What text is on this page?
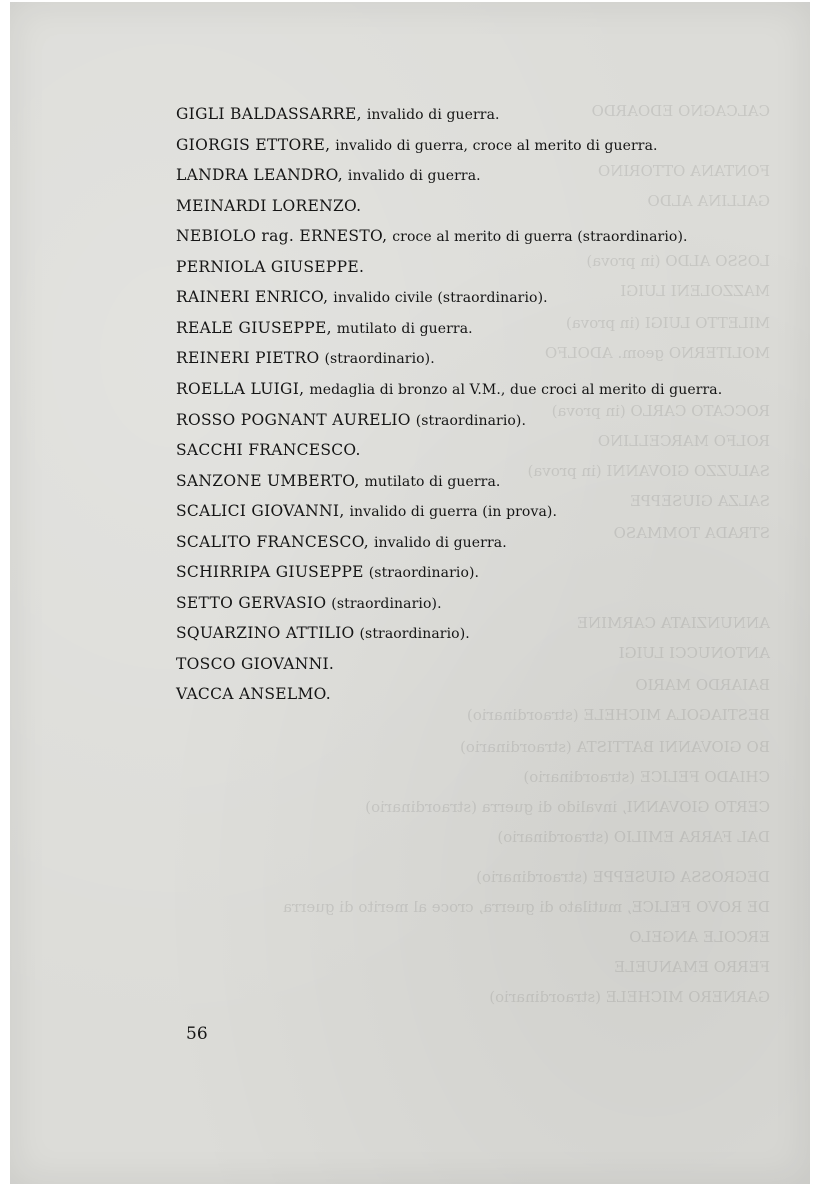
CALCAGNO EDOARDO
FONTANA OTTORINO
GALLINA ALDO
LOSSO ALDO (in prova)
MAZZOLENI LUIGI
MILETTO LUIGI (in prova)
MOLITERNO geom. ADOLFO
ROCCATO CARLO (in prova)
ROLFO MARCELLINO
SALUZZO GIOVANNI (in prova)
SALZA GIUSEPPE
STRADA TOMMASO
ANNUNZIATA CARMINE
ANTONUCCI LUIGI
BAIARDO MARIO
BESTIAGOLA MICHELE (straordinario)
BO GIOVANNI BATTISTA (straordinario)
CHIADO FELICE (straordinario)
CERTO GIOVANNI, invalido di guerra (straordinario)
DAL FARRA EMILIO (straordinario)
DEGROSSA GIUSEPPE (straordinario)
DE ROVO FELICE, mutilato di guerra, croce al merito di guerra
ERCOLE ANGELO
FERRO EMANUELE
GARNERO MICHELE (straordinario)
GIGLI BALDASSARRE, invalido di guerra.
GIORGIS ETTORE, invalido di guerra, croce al merito di guerra.
LANDRA LEANDRO, invalido di guerra.
MEINARDI LORENZO.
NEBIOLO rag. ERNESTO, croce al merito di guerra (straordinario).
PERNIOLA GIUSEPPE.
RAINERI ENRICO, invalido civile (straordinario).
REALE GIUSEPPE, mutilato di guerra.
REINERI PIETRO (straordinario).
ROELLA LUIGI, medaglia di bronzo al V.M., due croci al merito di guerra.
ROSSO POGNANT AURELIO (straordinario).
SACCHI FRANCESCO.
SANZONE UMBERTO, mutilato di guerra.
SCALICI GIOVANNI, invalido di guerra (in prova).
SCALITO FRANCESCO, invalido di guerra.
SCHIRRIPA GIUSEPPE (straordinario).
SETTO GERVASIO (straordinario).
SQUARZINO ATTILIO (straordinario).
TOSCO GIOVANNI.
VACCA ANSELMO.
56
